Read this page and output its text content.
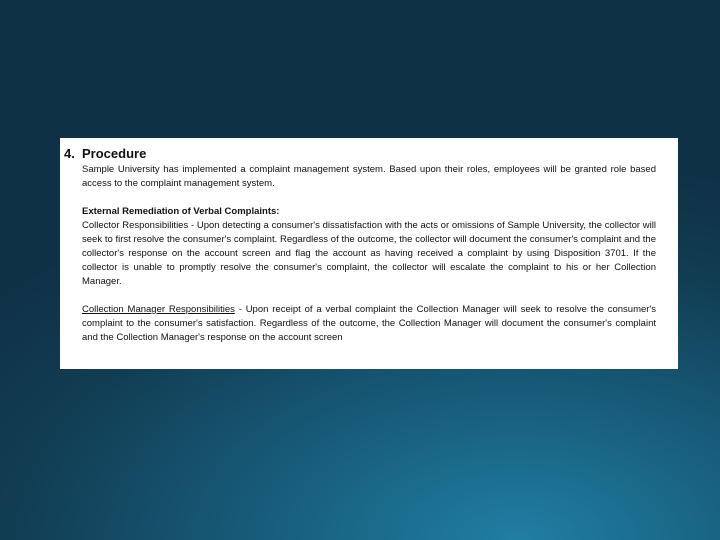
4. Procedure

Sample University has implemented a complaint management system. Based upon their roles, employees will be granted role based access to the complaint management system.

External Remediation of Verbal Complaints:

Collector Responsibilities - Upon detecting a consumer's dissatisfaction with the acts or omissions of Sample University, the collector will seek to first resolve the consumer's complaint. Regardless of the outcome, the collector will document the consumer's complaint and the collector's response on the account screen and flag the account as having received a complaint by using Disposition 3701. If the collector is unable to promptly resolve the consumer's complaint, the collector will escalate the complaint to his or her Collection Manager.

Collection Manager Responsibilities - Upon receipt of a verbal complaint the Collection Manager will seek to resolve the consumer's complaint to the consumer's satisfaction. Regardless of the outcome, the Collection Manager will document the consumer's complaint and the Collection Manager's response on the account screen
